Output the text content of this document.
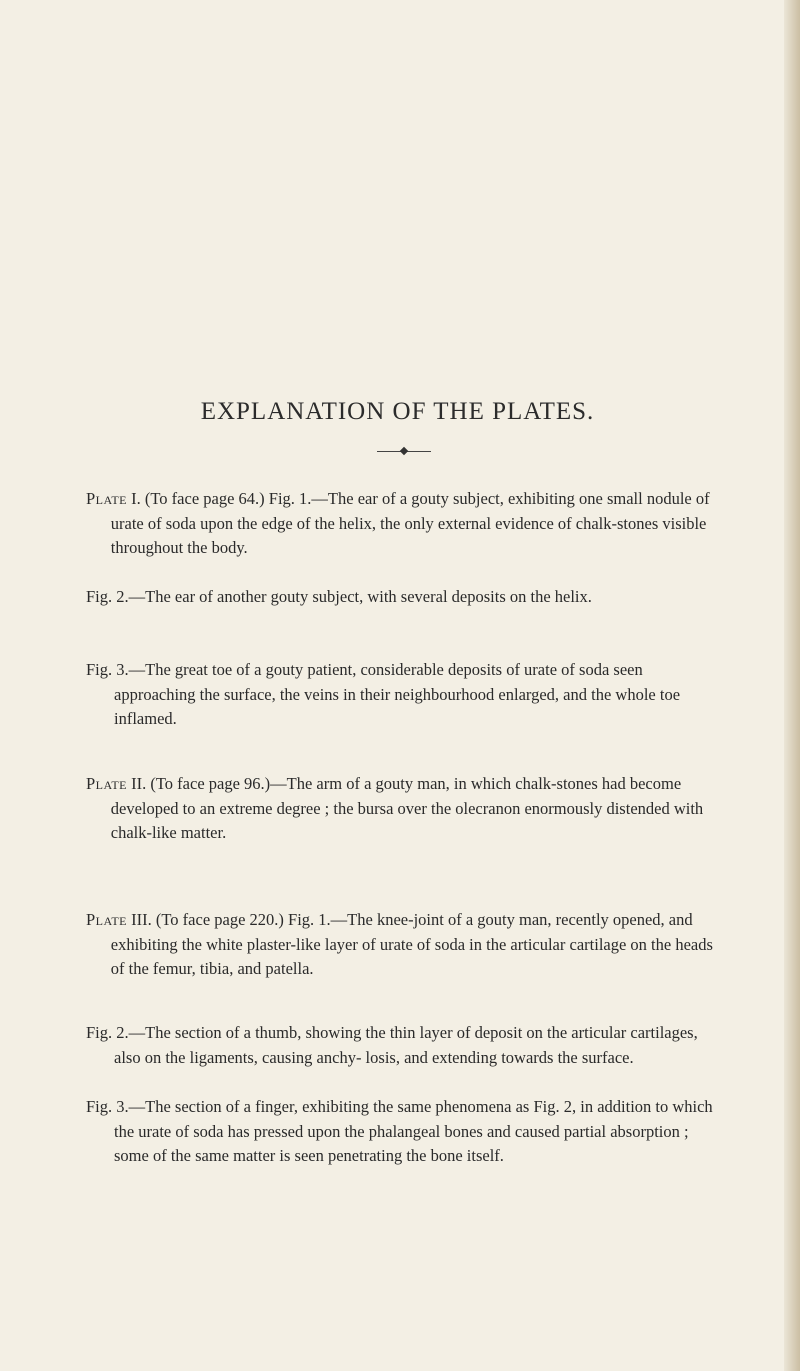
EXPLANATION OF THE PLATES.

Plate I. (To face page 64.) Fig. 1.—The ear of a gouty subject, exhibiting one small nodule of urate of soda upon the edge of the helix, the only external evidence of chalk-stones visible throughout the body.

Fig. 2.—The ear of another gouty subject, with several deposits on the helix.

Fig. 3.—The great toe of a gouty patient, considerable deposits of urate of soda seen approaching the surface, the veins in their neighbourhood enlarged, and the whole toe inflamed.

Plate II. (To face page 96.)—The arm of a gouty man, in which chalk-stones had become developed to an extreme degree ; the bursa over the olecranon enormously distended with chalk-like matter.

Plate III. (To face page 220.) Fig. 1.—The knee-joint of a gouty man, recently opened, and exhibiting the white plaster-like layer of urate of soda in the articular cartilage on the heads of the femur, tibia, and patella.

Fig. 2.—The section of a thumb, showing the thin layer of deposit on the articular cartilages, also on the ligaments, causing anchy- losis, and extending towards the surface.

Fig. 3.—The section of a finger, exhibiting the same phenomena as Fig. 2, in addition to which the urate of soda has pressed upon the phalangeal bones and caused partial absorption ; some of the same matter is seen penetrating the bone itself.
